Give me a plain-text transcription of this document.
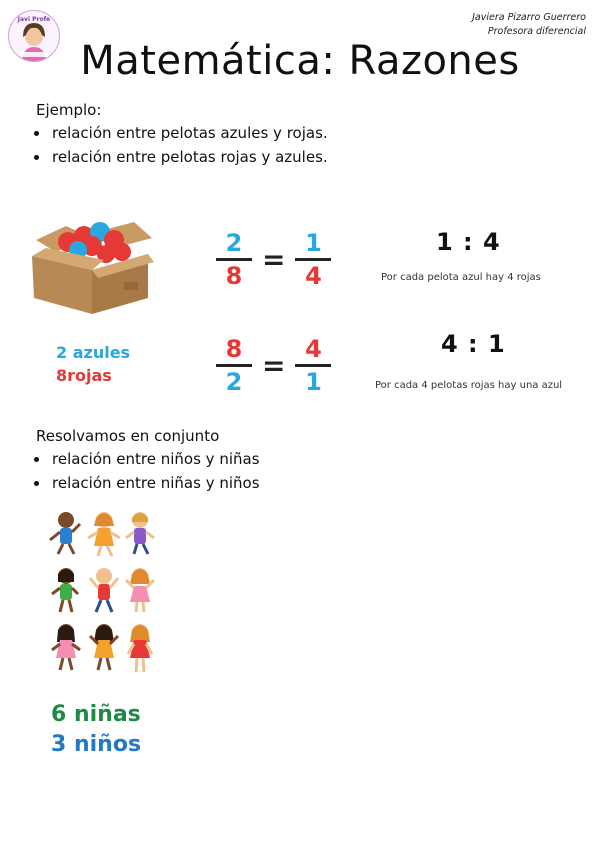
Javi Profe	Javiera Pizarro Guerrero
Profesora diferencial
Matemática: Razones
Ejemplo:
• relación entre pelotas azules y rojas.
• relación entre pelotas rojas y azules.
2 azules
8rojas
$\frac{2}{8} = \frac{1}{4}$	1 : 4
Por cada pelota azul hay 4 rojas
$\frac{8}{2} = \frac{4}{1}$	4 : 1
Por cada 4 pelotas rojas hay una azul
Resolvamos en conjunto
• relación entre niños y niñas
• relación entre niñas y niños
6 niñas
3 niños
